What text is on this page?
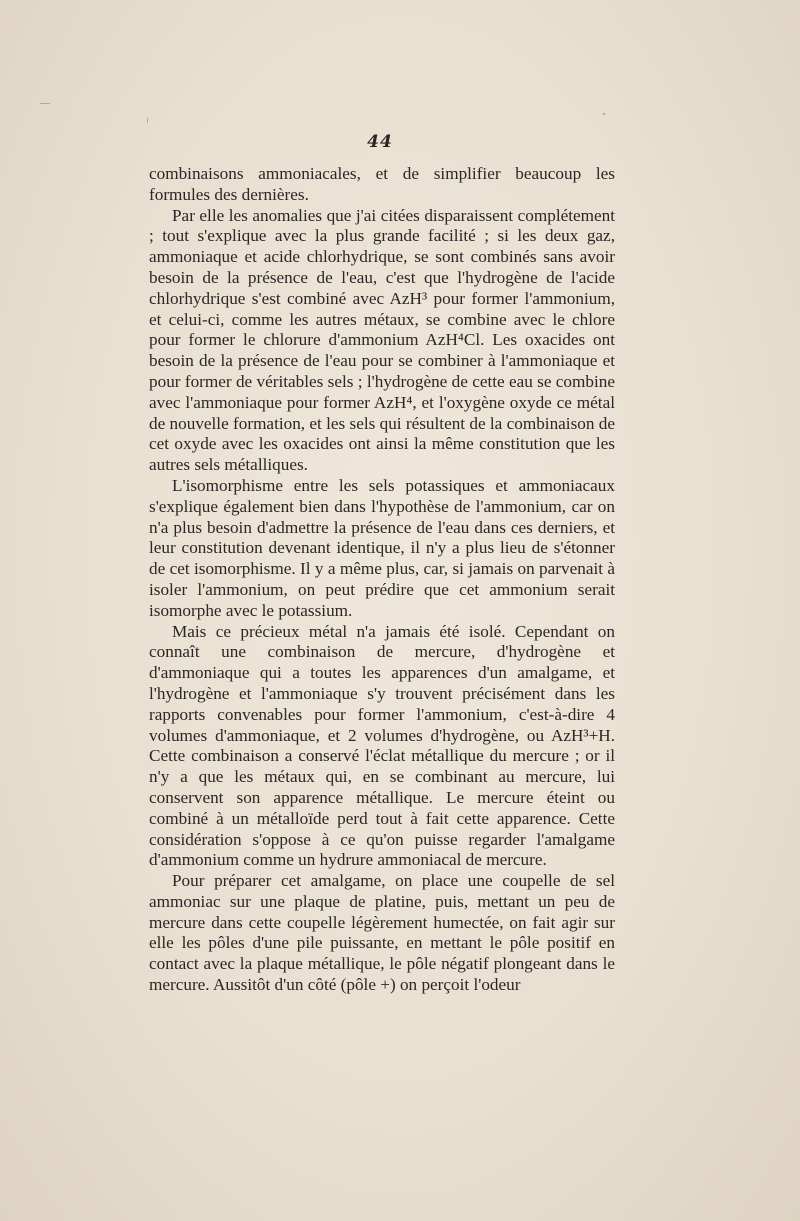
44

combinaisons ammoniacales, et de simplifier beaucoup les formules des dernières.

Par elle les anomalies que j'ai citées disparaissent complétement ; tout s'explique avec la plus grande facilité ; si les deux gaz, ammoniaque et acide chlorhydrique, se sont combinés sans avoir besoin de la présence de l'eau, c'est que l'hydrogène de l'acide chlorhydrique s'est combiné avec AzH³ pour former l'ammonium, et celui-ci, comme les autres métaux, se combine avec le chlore pour former le chlorure d'ammonium AzH⁴Cl. Les oxacides ont besoin de la présence de l'eau pour se combiner à l'ammoniaque et pour former de véritables sels ; l'hydrogène de cette eau se combine avec l'ammoniaque pour former AzH⁴, et l'oxygène oxyde ce métal de nouvelle formation, et les sels qui résultent de la combinaison de cet oxyde avec les oxacides ont ainsi la même constitution que les autres sels métalliques.

L'isomorphisme entre les sels potassiques et ammoniacaux s'explique également bien dans l'hypothèse de l'ammonium, car on n'a plus besoin d'admettre la présence de l'eau dans ces derniers, et leur constitution devenant identique, il n'y a plus lieu de s'étonner de cet isomorphisme. Il y a même plus, car, si jamais on parvenait à isoler l'ammonium, on peut prédire que cet ammonium serait isomorphe avec le potassium.

Mais ce précieux métal n'a jamais été isolé. Cependant on connaît une combinaison de mercure, d'hydrogène et d'ammoniaque qui a toutes les apparences d'un amalgame, et l'hydrogène et l'ammoniaque s'y trouvent précisément dans les rapports convenables pour former l'ammonium, c'est-à-dire 4 volumes d'ammoniaque, et 2 volumes d'hydrogène, ou AzH³+H. Cette combinaison a conservé l'éclat métallique du mercure ; or il n'y a que les métaux qui, en se combinant au mercure, lui conservent son apparence métallique. Le mercure éteint ou combiné à un métalloïde perd tout à fait cette apparence. Cette considération s'oppose à ce qu'on puisse regarder l'amalgame d'ammonium comme un hydrure ammoniacal de mercure.

Pour préparer cet amalgame, on place une coupelle de sel ammoniac sur une plaque de platine, puis, mettant un peu de mercure dans cette coupelle légèrement humectée, on fait agir sur elle les pôles d'une pile puissante, en mettant le pôle positif en contact avec la plaque métallique, le pôle négatif plongeant dans le mercure. Aussitôt d'un côté (pôle +) on perçoit l'odeur
